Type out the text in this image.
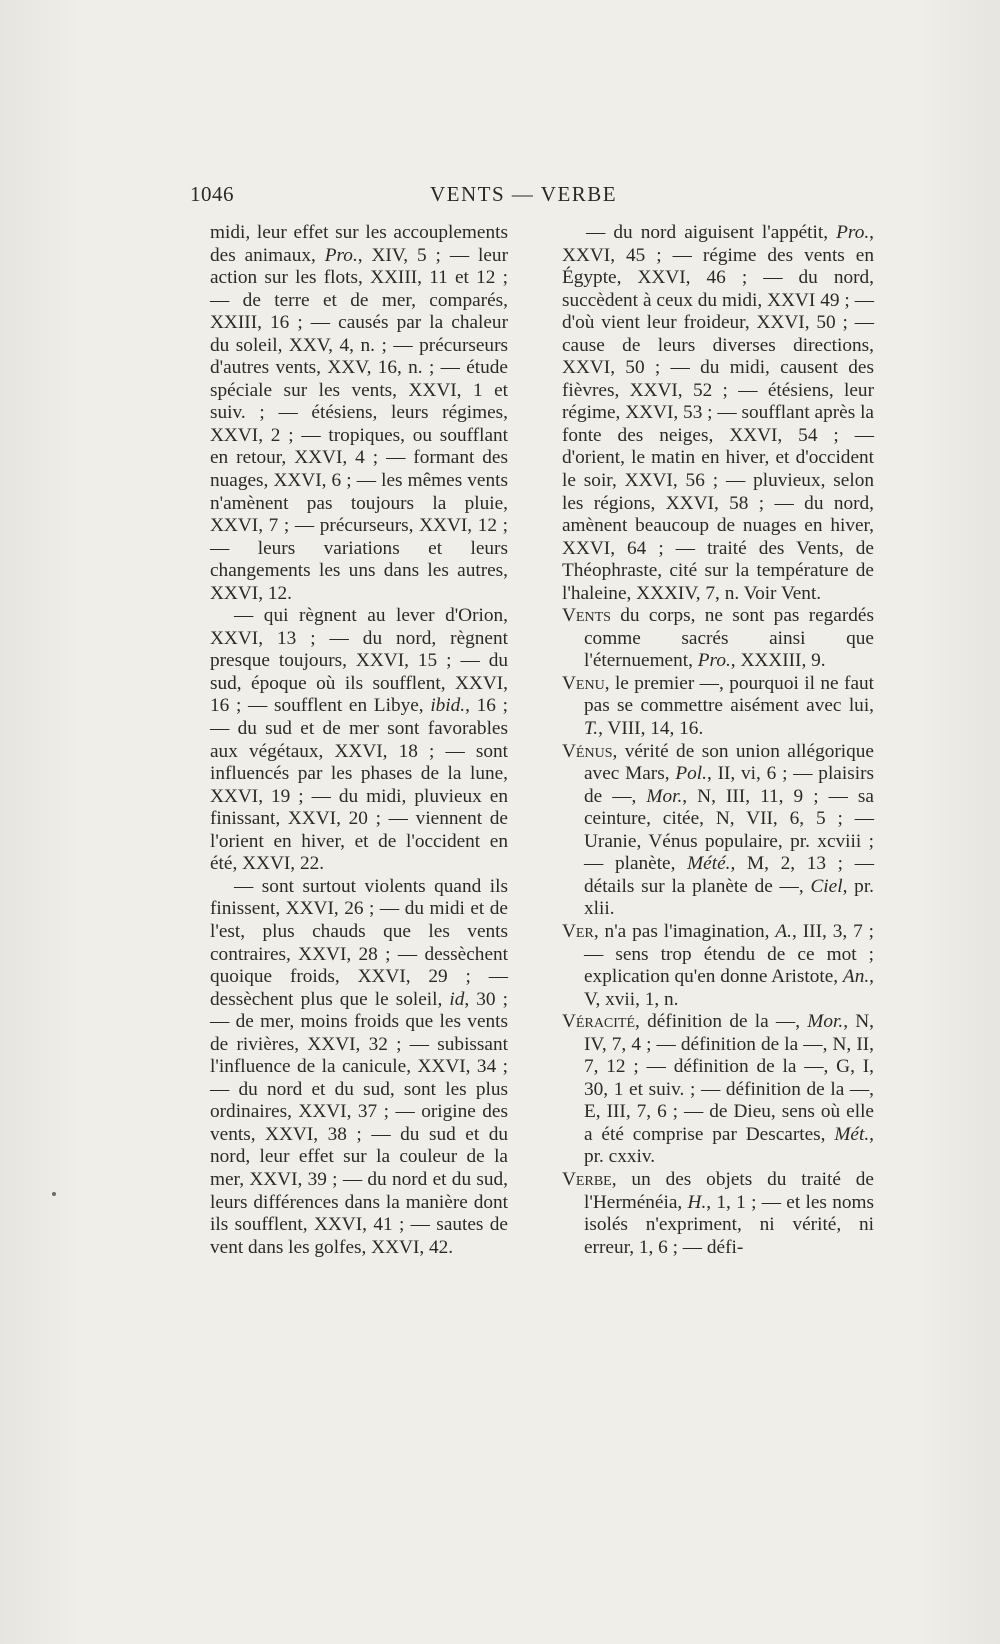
1046	VENTS — VERBE

midi, leur effet sur les accouplements des animaux, Pro., XIV, 5 ; — leur action sur les flots, XXIII, 11 et 12 ; — de terre et de mer, comparés, XXIII, 16 ; — causés par la chaleur du soleil, XXV, 4, n. ; — précurseurs d'autres vents, XXV, 16, n. ; — étude spéciale sur les vents, XXVI, 1 et suiv. ; — étésiens, leurs régimes, XXVI, 2 ; — tropiques, ou soufflant en retour, XXVI, 4 ; — formant des nuages, XXVI, 6 ; — les mêmes vents n'amènent pas toujours la pluie, XXVI, 7 ; — précurseurs, XXVI, 12 ; — leurs variations et leurs changements les uns dans les autres, XXVI, 12.

— qui règnent au lever d'Orion, XXVI, 13 ; — du nord, règnent presque toujours, XXVI, 15 ; — du sud, époque où ils soufflent, XXVI, 16 ; — soufflent en Libye, ibid., 16 ; — du sud et de mer sont favorables aux végétaux, XXVI, 18 ; — sont influencés par les phases de la lune, XXVI, 19 ; — du midi, pluvieux en finissant, XXVI, 20 ; — viennent de l'orient en hiver, et de l'occident en été, XXVI, 22.

— sont surtout violents quand ils finissent, XXVI, 26 ; — du midi et de l'est, plus chauds que les vents contraires, XXVI, 28 ; — dessèchent quoique froids, XXVI, 29 ; — dessèchent plus que le soleil, id, 30 ; — de mer, moins froids que les vents de rivières, XXVI, 32 ; — subissant l'influence de la canicule, XXVI, 34 ; — du nord et du sud, sont les plus ordinaires, XXVI, 37 ; — origine des vents, XXVI, 38 ; — du sud et du nord, leur effet sur la couleur de la mer, XXVI, 39 ; — du nord et du sud, leurs différences dans la manière dont ils soufflent, XXVI, 41 ; — sautes de vent dans les golfes, XXVI, 42.

— du nord aiguisent l'appétit, Pro., XXVI, 45 ; — régime des vents en Égypte, XXVI, 46 ; — du nord, succèdent à ceux du midi, XXVI 49 ; — d'où vient leur froideur, XXVI, 50 ; — cause de leurs diverses directions, XXVI, 50 ; — du midi, causent des fièvres, XXVI, 52 ; — étésiens, leur régime, XXVI, 53 ; — soufflant après la fonte des neiges, XXVI, 54 ; — d'orient, le matin en hiver, et d'occident le soir, XXVI, 56 ; — pluvieux, selon les régions, XXVI, 58 ; — du nord, amènent beaucoup de nuages en hiver, XXVI, 64 ; — traité des Vents, de Théophraste, cité sur la température de l'haleine, XXXIV, 7, n. Voir Vent.

Vents du corps, ne sont pas regardés comme sacrés ainsi que l'éternuement, Pro., XXXIII, 9.

Venu, le premier —, pourquoi il ne faut pas se commettre aisément avec lui, T., VIII, 14, 16.

Vénus, vérité de son union allégorique avec Mars, Pol., II, vi, 6 ; — plaisirs de —, Mor., N, III, 11, 9 ; — sa ceinture, citée, N, VII, 6, 5 ; — Uranie, Vénus populaire, pr. xcviii ; — planète, Mété., M, 2, 13 ; — détails sur la planète de —, Ciel, pr. xlii.

Ver, n'a pas l'imagination, A., III, 3, 7 ; — sens trop étendu de ce mot ; explication qu'en donne Aristote, An., V, xvii, 1, n.

Véracité, définition de la —, Mor., N, IV, 7, 4 ; — définition de la —, N, II, 7, 12 ; — définition de la —, G, I, 30, 1 et suiv. ; — définition de la —, E, III, 7, 6 ; — de Dieu, sens où elle a été comprise par Descartes, Mét., pr. cxxiv.

Verbe, un des objets du traité de l'Herménéia, H., 1, 1 ; — et les noms isolés n'expriment, ni vérité, ni erreur, 1, 6 ; — défi-
